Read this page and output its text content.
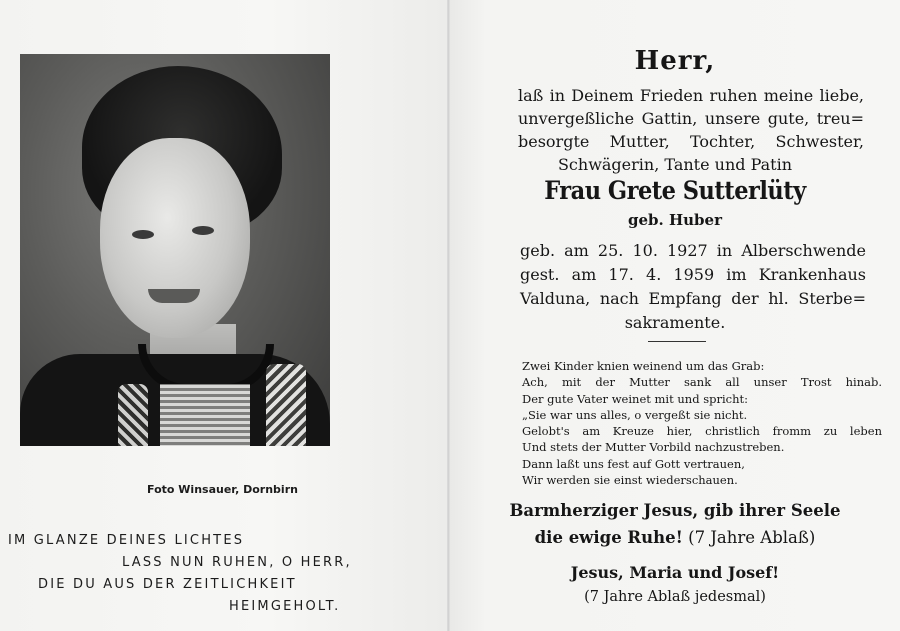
Foto Winsauer, Dornbirn
IM GLANZE DEINES LICHTES
LASS NUN RUHEN, O HERR,
DIE DU AUS DER ZEITLICHKEIT
HEIMGEHOLT.
Herr,
laß in Deinem Frieden ruhen meine liebe,
unvergeßliche Gattin, unsere gute, treu=
besorgte Mutter, Tochter, Schwester,
Schwägerin, Tante und Patin
Frau Grete Sutterlüty
geb. Huber
geb. am 25. 10. 1927 in Alberschwende
gest. am 17. 4. 1959 im Krankenhaus
Valduna, nach Empfang der hl. Sterbe=
sakramente.
Zwei Kinder knien weinend um das Grab:
Ach, mit der Mutter sank all unser Trost hinab.
Der gute Vater weinet mit und spricht:
„Sie war uns alles, o vergeßt sie nicht.
Gelobt's am Kreuze hier, christlich fromm zu leben
Und stets der Mutter Vorbild nachzustreben.
Dann laßt uns fest auf Gott vertrauen,
Wir werden sie einst wiederschauen.
Barmherziger Jesus, gib ihrer Seele
die ewige Ruhe! (7 Jahre Ablaß)
Jesus, Maria und Josef!
(7 Jahre Ablaß jedesmal)
